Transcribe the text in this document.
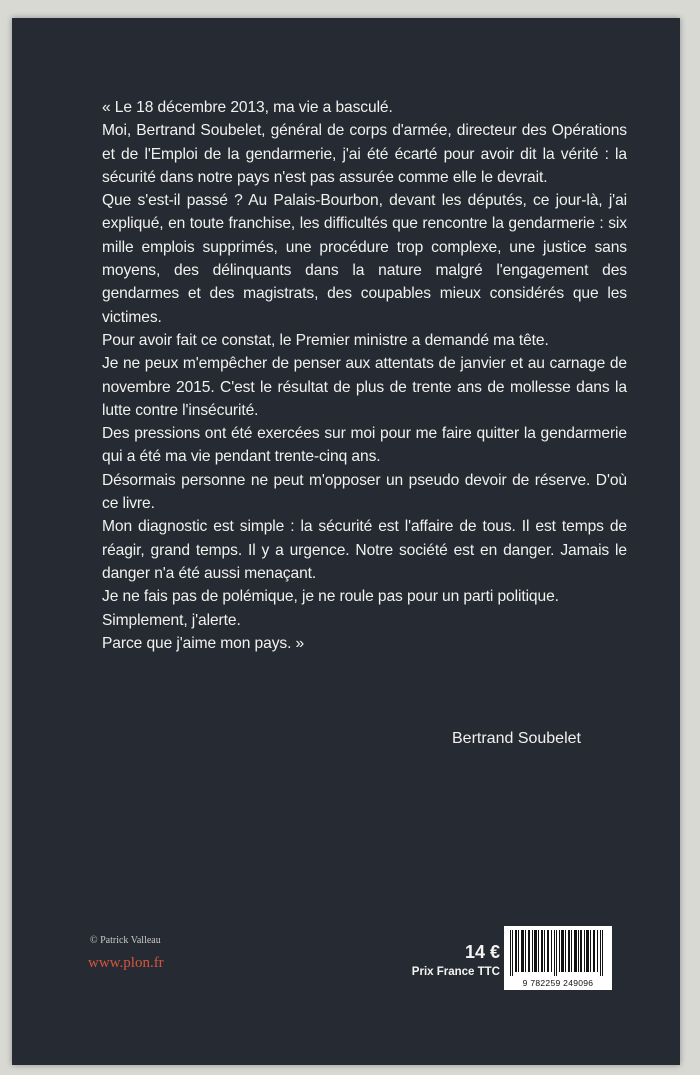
« Le 18 décembre 2013, ma vie a basculé.

Moi, Bertrand Soubelet, général de corps d'armée, directeur des Opérations et de l'Emploi de la gendarmerie, j'ai été écarté pour avoir dit la vérité : la sécurité dans notre pays n'est pas assurée comme elle le devrait.

Que s'est-il passé ? Au Palais-Bourbon, devant les députés, ce jour-là, j'ai expliqué, en toute franchise, les difficultés que rencontre la gendarmerie : six mille emplois supprimés, une procédure trop complexe, une justice sans moyens, des délinquants dans la nature malgré l'engagement des gendarmes et des magistrats, des coupables mieux considérés que les victimes.

Pour avoir fait ce constat, le Premier ministre a demandé ma tête.

Je ne peux m'empêcher de penser aux attentats de janvier et au carnage de novembre 2015. C'est le résultat de plus de trente ans de mollesse dans la lutte contre l'insécurité.

Des pressions ont été exercées sur moi pour me faire quitter la gendarmerie qui a été ma vie pendant trente-cinq ans.

Désormais personne ne peut m'opposer un pseudo devoir de réserve. D'où ce livre.

Mon diagnostic est simple : la sécurité est l'affaire de tous. Il est temps de réagir, grand temps. Il y a urgence. Notre société est en danger. Jamais le danger n'a été aussi menaçant.

Je ne fais pas de polémique, je ne roule pas pour un parti politique.

Simplement, j'alerte.

Parce que j'aime mon pays. »

Bertrand Soubelet
© Patrick Valleau
www.plon.fr
14 €
Prix France TTC
9 782259 249096
